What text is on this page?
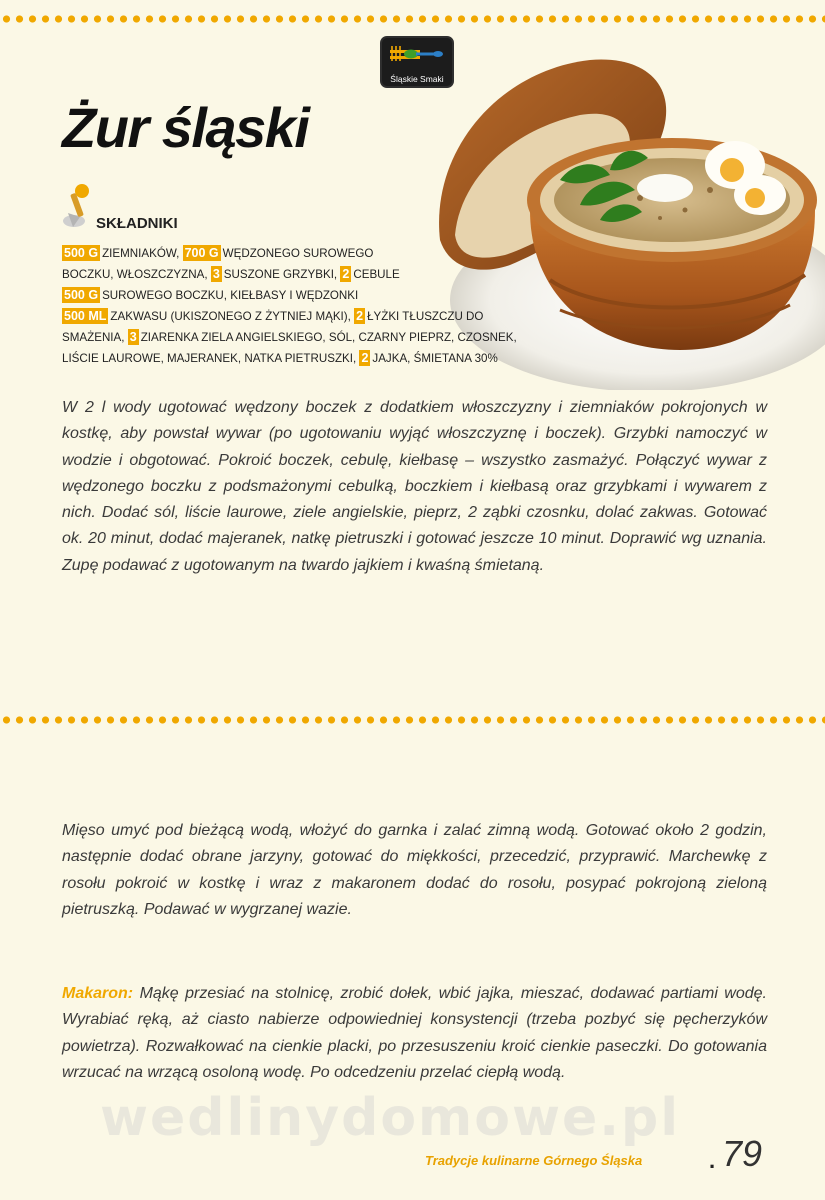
Śląskie Smaki
Żur śląski
SKŁADNIKI
500 G ZIEMNIAKÓW, 700 G WĘDZONEGO SUROWEGO
BOCZKU, WŁOSZCZYZNA, 3 SUSZONE GRZYBKI, 2 CEBULE
500 G SUROWEGO BOCZKU, KIEŁBASY I WĘDZONKI
500 ML ZAKWASU (UKISZONEGO Z ŻYTNIEJ MĄKI), 2 ŁYŻKI TŁUSZCZU DO
SMAŻENIA, 3 ZIARENKA ZIELA ANGIELSKIEGO, SÓL, CZARNY PIEPRZ, CZOSNEK,
LIŚCIE LAUROWE, MAJERANEK, NATKA PIETRUSZKI, 2 JAJKA, ŚMIETANA 30%

W 2 l wody ugotować wędzony boczek z dodatkiem włoszczyzny i ziemniaków pokrojonych w kostkę, aby powstał wywar (po ugotowaniu wyjąć włoszczyznę i boczek). Grzybki namoczyć w wodzie i obgotować. Pokroić boczek, cebulę, kiełbasę – wszystko zasmażyć. Połączyć wywar z wędzonego boczku z podsmażonymi cebulką, boczkiem i kiełbasą oraz grzybkami i wywarem z nich. Dodać sól, liście laurowe, ziele angielskie, pieprz, 2 ząbki czosnku, dolać zakwas. Gotować ok. 20 minut, dodać majeranek, natkę pietruszki i gotować jeszcze 10 minut. Doprawić wg uznania. Zupę podawać z ugotowanym na twardo jajkiem i kwaśną śmietaną.

Mięso umyć pod bieżącą wodą, włożyć do garnka i zalać zimną wodą. Gotować około 2 godzin, następnie dodać obrane jarzyny, gotować do miękkości, przecedzić, przyprawić. Marchewkę z rosołu pokroić w kostkę i wraz z makaronem dodać do rosołu, posypać pokrojoną zieloną pietruszką. Podawać w wygrzanej wazie.

Makaron: Mąkę przesiać na stolnicę, zrobić dołek, wbić jajka, mieszać, dodawać partiami wodę. Wyrabiać ręką, aż ciasto nabierze odpowiedniej konsystencji (trzeba pozbyć się pęcherzyków powietrza). Rozwałkować na cienkie placki, po przesuszeniu kroić cienkie paseczki. Do gotowania wrzucać na wrzącą osoloną wodę. Po odcedzeniu przelać ciepłą wodą.

wedlinydomowe.pl
Tradycje kulinarne Górnego Śląska	. 79
